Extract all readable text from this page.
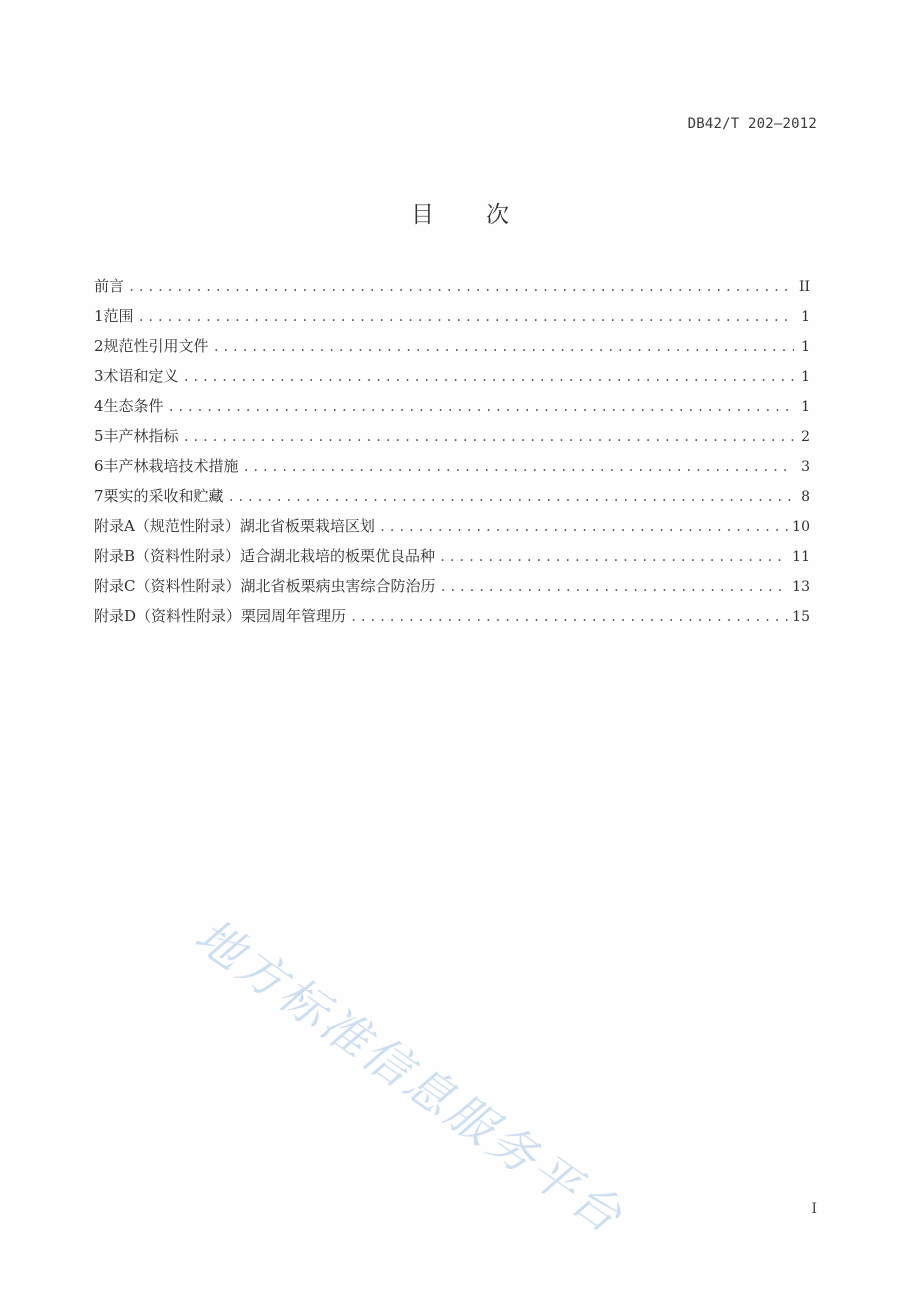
DB42/T 202—2012
目次
前言 .....	II
1 范围 .....	1
2 规范性引用文件 .....	1
3 术语和定义 .....	1
4 生态条件 .....	1
5 丰产林指标 .....	2
6 丰产林栽培技术措施 .....	3
7 栗实的采收和贮藏 .....	8
附录A（规范性附录） 湖北省板栗栽培区划 .....	10
附录B（资料性附录） 适合湖北栽培的板栗优良品种 .....	11
附录C（资料性附录） 湖北省板栗病虫害综合防治历 .....	13
附录D（资料性附录） 栗园周年管理历 .....	15
地方标准信息服务平台	I
